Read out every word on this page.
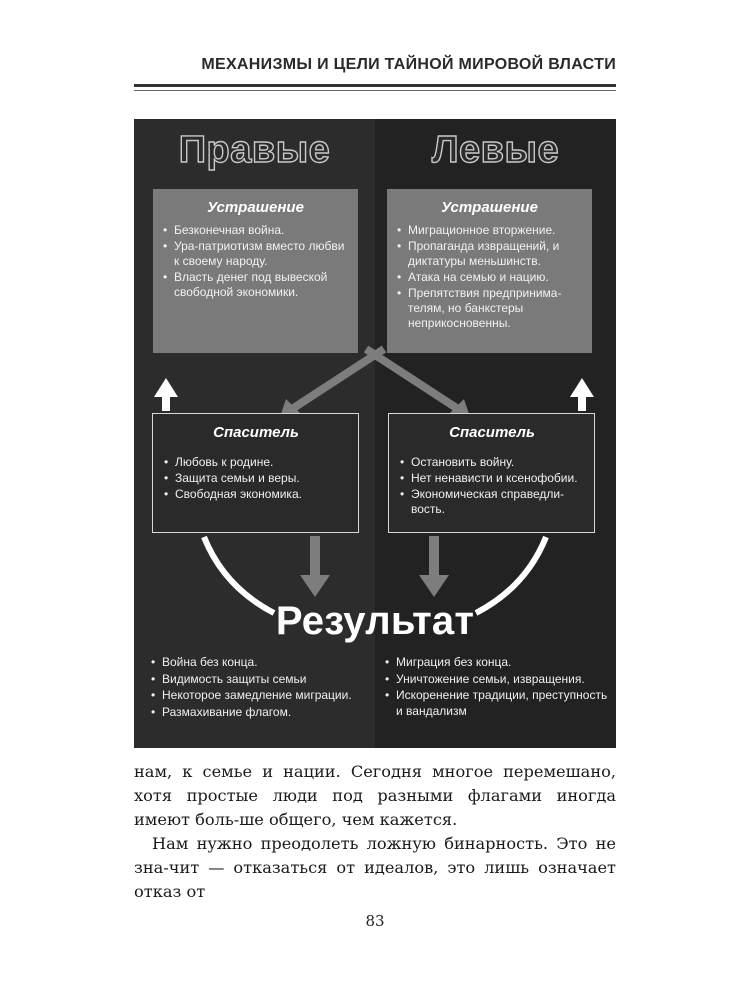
МЕХАНИЗМЫ И ЦЕЛИ ТАЙНОЙ МИРОВОЙ ВЛАСТИ
Правые	Левые
Устрашение
• Безконечная война.
• Ура-патриотизм вместо любви к своему народу.
• Власть денег под вывеской свободной экономики.
Устрашение
• Миграционное вторжение.
• Пропаганда извращений, и диктатуры меньшинств.
• Атака на семью и нацию.
• Препятствия предпринима-телям, но банкстеры неприкосновенны.
Спаситель
• Любовь к родине.
• Защита семьи и веры.
• Свободная экономика.
Спаситель
• Остановить войну.
• Нет ненависти и ксенофобии.
• Экономическая справедли-вость.
Результат
• Война без конца.
• Видимость защиты семьи
• Некоторое замедление миграции.
• Размахивание флагом.
• Миграция без конца.
• Уничтожение семьи, извращения.
• Искоренение традиции, преступность и вандализм

нам, к семье и нации. Сегодня многое перемешано, хотя простые люди под разными флагами иногда имеют боль-ше общего, чем кажется.

Нам нужно преодолеть ложную бинарность. Это не зна-чит — отказаться от идеалов, это лишь означает отказ от

83
